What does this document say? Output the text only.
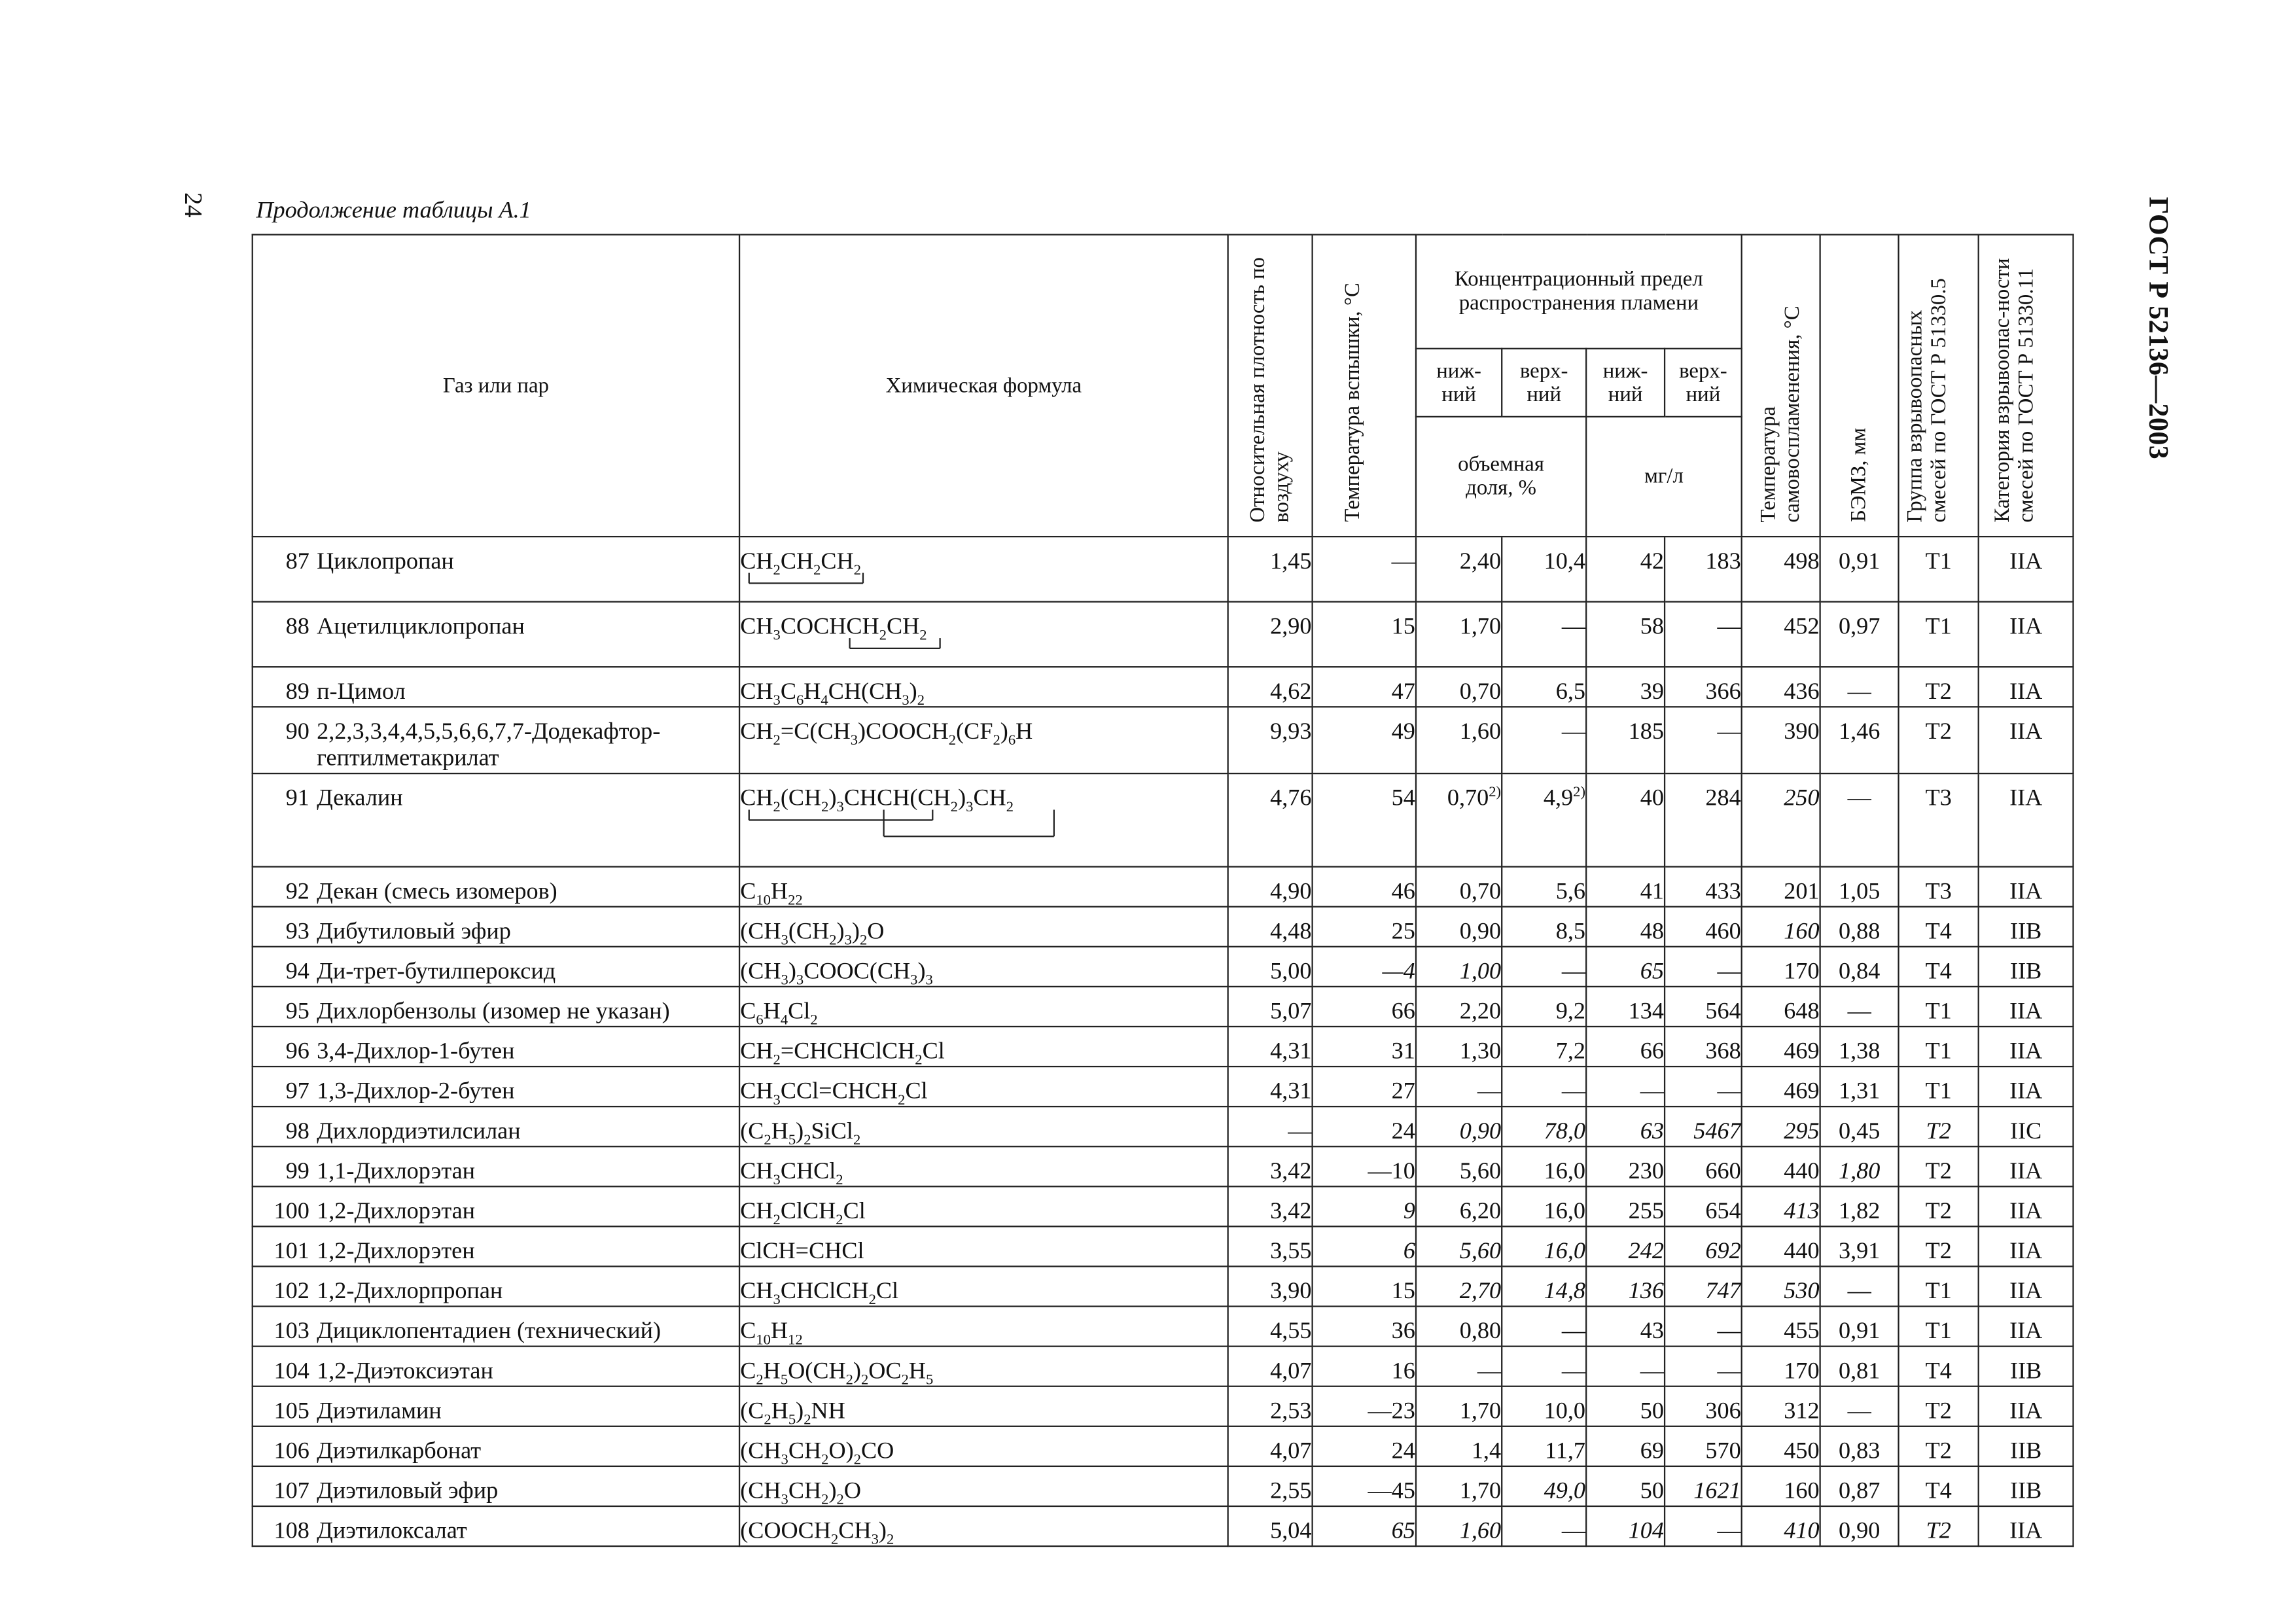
24	Продолжение таблицы А.1	ГОСТ Р 52136—2003
Газ или пар	Химическая формула	Относительная плотность по воздуху	Температура вспышки, °С	Концентрационный предел распространения пламени				Температура самовоспламенения, °С	БЭМЗ, мм	Группа взрывоопасных смесей по ГОСТ Р 51330.5	Категория взрывоопас-ности смесей по ГОСТ Р 51330.11

				ниж-ний	верх-ний	ниж-ний	верх-ний				
				объемная доля, %		мг/л					

87 Циклопропан	$CH_2CH_2CH_2$	1,45	—	2,40	10,4	42	183	498	0,91	T1	IIA

88 Ацетилциклопропан	$CH_3COCHCH_2CH_2$	2,90	15	1,70	—	58	—	452	0,97	T1	IIA

89 п-Цимол	$CH_3C_6H_4CH(CH_3)_2$	4,62	47	0,70	6,5	39	366	436	—	T2	IIA

90 2,2,3,3,4,4,5,5,6,6,7,7-Додекафтор-гептилметакрилат	$CH_2=C(CH_3)COOCH_2(CF_2)_6H$	9,93	49	1,60	—	185	—	390	1,46	T2	IIA

91 Декалин	$CH_2(CH_2)_3CHCH(CH_2)_3CH_2$	4,76	54	0,70$^{2)}$	4,9$^{2)}$	40	284	250	—	T3	IIA

92 Декан (смесь изомеров)	$C_{10}H_{22}$	4,90	46	0,70	5,6	41	433	201	1,05	T3	IIA

93 Дибутиловый эфир	$(CH_3(CH_2)_3)_2O$	4,48	25	0,90	8,5	48	460	160	0,88	T4	IIB

94 Ди-трет-бутилпероксид	$(CH_3)_3COOC(CH_3)_3$	5,00	—4	1,00	—	65	—	170	0,84	T4	IIB

95 Дихлорбензолы (изомер не указан)	$C_6H_4Cl_2$	5,07	66	2,20	9,2	134	564	648	—	T1	IIA

96 3,4-Дихлор-1-бутен	$CH_2=CHCHClCH_2Cl$	4,31	31	1,30	7,2	66	368	469	1,38	T1	IIA

97 1,3-Дихлор-2-бутен	$CH_3CCl=CHCH_2Cl$	4,31	27	—	—	—	—	469	1,31	T1	IIA

98 Дихлордиэтилсилан	$(C_2H_5)_2SiCl_2$	—	24	0,90	78,0	63	5467	295	0,45	T2	IIC

99 1,1-Дихлорэтан	$CH_3CHCl_2$	3,42	—10	5,60	16,0	230	660	440	1,80	T2	IIA

100 1,2-Дихлорэтан	$CH_2ClCH_2Cl$	3,42	9	6,20	16,0	255	654	413	1,82	T2	IIA

101 1,2-Дихлорэтен	ClCH=CHCl	3,55	6	5,60	16,0	242	692	440	3,91	T2	IIA

102 1,2-Дихлорпропан	$CH_3CHClCH_2Cl$	3,90	15	2,70	14,8	136	747	530	—	T1	IIA

103 Дициклопентадиен (технический)	$C_{10}H_{12}$	4,55	36	0,80	—	43	—	455	0,91	T1	IIA

104 1,2-Диэтоксиэтан	$C_2H_5O(CH_2)_2OC_2H_5$	4,07	16	—	—	—	—	170	0,81	T4	IIB

105 Диэтиламин	$(C_2H_5)_2NH$	2,53	—23	1,70	10,0	50	306	312	—	T2	IIA

106 Диэтилкарбонат	$(CH_3CH_2O)_2CO$	4,07	24	1,4	11,7	69	570	450	0,83	T2	IIB

107 Диэтиловый эфир	$(CH_3CH_2)_2O$	2,55	—45	1,70	49,0	50	1621	160	0,87	T4	IIB

108 Диэтилоксалат	$(COOCH_2CH_3)_2$	5,04	65	1,60	—	104	—	410	0,90	T2	IIA
